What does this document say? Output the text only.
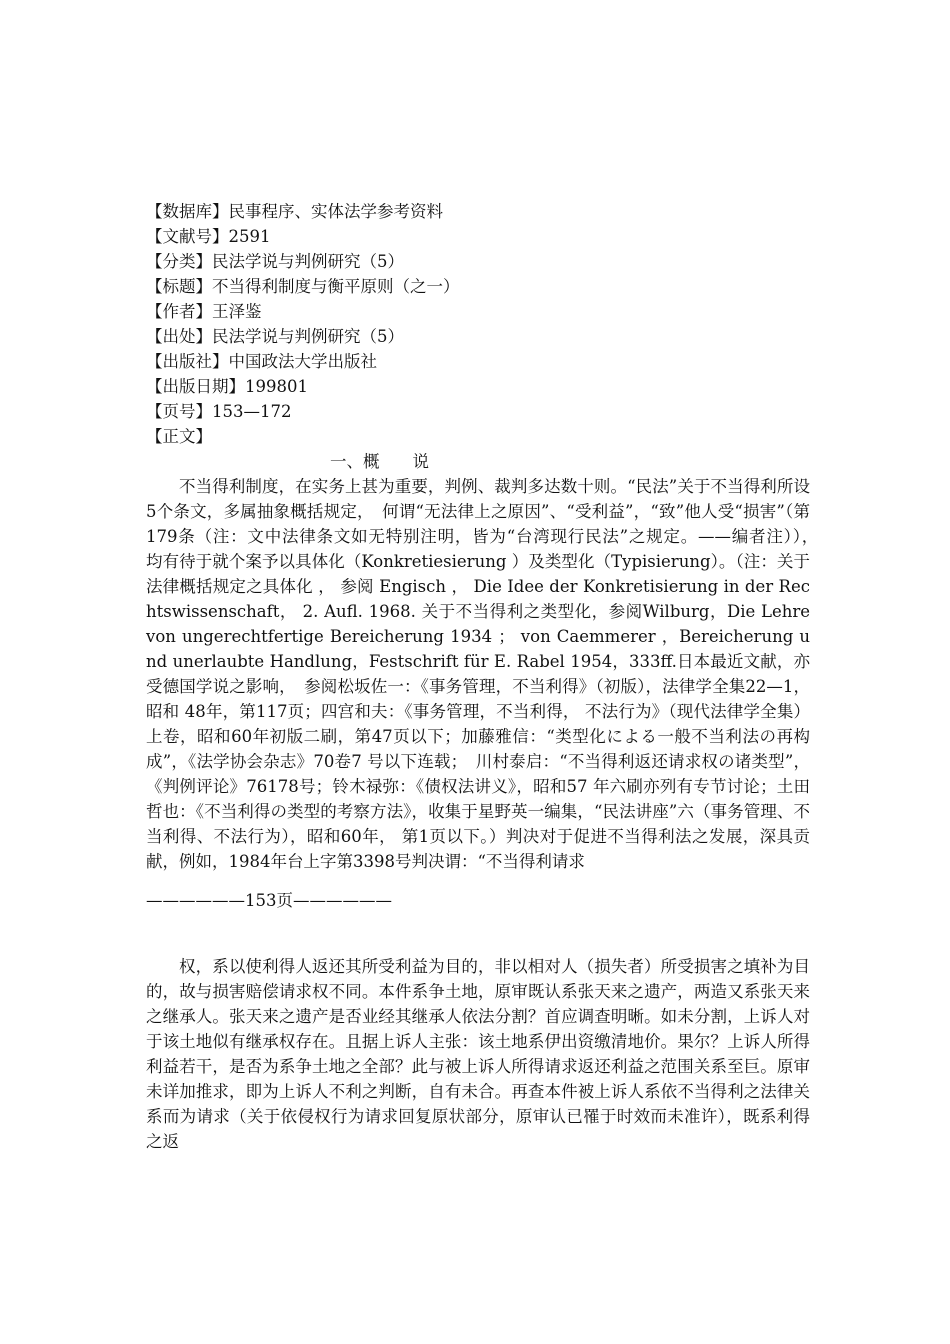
【数据库】民事程序、实体法学参考资料
【文献号】2591
【分类】民法学说与判例研究（5）
【标题】不当得利制度与衡平原则（之一）
【作者】王泽鉴
【出处】民法学说与判例研究（5）
【出版社】中国政法大学出版社
【出版日期】199801
【页号】153—172
【正文】
一、概　　说

不当得利制度，在实务上甚为重要，判例、裁判多达数十则。“民法”关于不当得利所设5个条文，多属抽象概括规定，　何谓“无法律上之原因”、“受利益”，“致”他人受“损害”（第179条（注：文中法律条文如无特别注明，皆为“台湾现行民法”之规定。——编者注）），　　均有待于就个案予以具体化（Konkretiesierung ）及类型化（Typisierung）。（注：关于法律概括规定之具体化 ， 参阅 Engisch ， Die Idee der Konkretisierung in der Rechtswissenschaft， 2. Aufl. 1968. 关于不当得利之类型化，参阅Wilburg，Die Lehre von ungerechtfertige Bereicherung 1934 ； von Caemmerer ，Bereicherung und unerlaubte Handlung，Festschrift für E. Rabel 1954，333ff.日本最近文献，亦受德国学说之影响，　参阅松坂佐一：《事务管理，不当利得》（初版），法律学全集22—1，昭和 48年，第117页；四宫和夫：《事务管理，不当利得， 不法行为》（现代法律学全集）上卷，昭和60年初版二刷，第47页以下；加藤雅信：“类型化による一般不当利法の再构成”，《法学协会杂志》70卷7 号以下连载；　川村泰启：“不当得利返还请求权の诸类型”，《判例评论》76178号；铃木禄弥：《债权法讲义》，昭和57 年六刷亦列有专节讨论；土田哲也：《不当利得の类型的考察方法》，收集于星野英一编集，“民法讲座”六（事务管理、不当利得、不法行为），昭和60年， 第1页以下。）判决对于促进不当得利法之发展，深具贡献，例如，1984年台上字第3398号判决谓：“不当得利请求

——————153页——————

权，系以使利得人返还其所受利益为目的，非以相对人（损失者）所受损害之填补为目的，故与损害赔偿请求权不同。本件系争土地，原审既认系张天来之遗产，两造又系张天来之继承人。张天来之遗产是否业经其继承人依法分割？首应调查明晰。如未分割，上诉人对于该土地似有继承权存在。且据上诉人主张：该土地系伊出资缴清地价。果尔？上诉人所得利益若干，是否为系争土地之全部？此与被上诉人所得请求返还利益之范围关系至巨。原审未详加推求，即为上诉人不利之判断，自有未合。再查本件被上诉人系依不当得利之法律关系而为请求（关于依侵权行为请求回复原状部分，原审认已罹于时效而未准许），既系利得之返
